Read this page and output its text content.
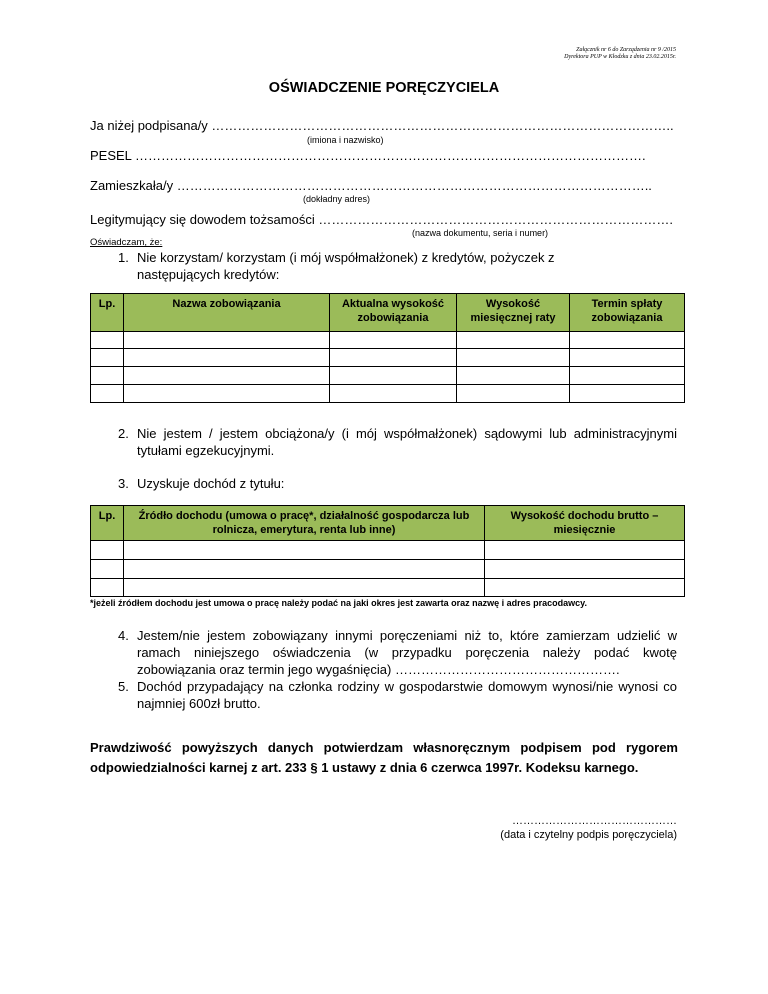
Załącznik nr 6 do Zarządzenia nr 9 /2015
Dyrektora PUP w Kłodzku z dnia 23.02.2015r.
OŚWIADCZENIE PORĘCZYCIELA
Ja niżej podpisana/y ……………………………………………………………………………………………..
(imiona i nazwisko)
PESEL ……………………………………………………………………………………………………….
Zamieszkała/y ………………………………………………………………………………………………..
(dokładny adres)
Legitymujący się dowodem tożsamości ……………………………………………………………………….
(nazwa dokumentu, seria i numer)
Oświadczam, że:
1. Nie korzystam/ korzystam (i mój współmałżonek) z kredytów, pożyczek z
następujących kredytów:
Lp.	Nazwa zobowiązania	Aktualna wysokość zobowiązania	Wysokość miesięcznej raty	Termin spłaty zobowiązania

2. Nie jestem / jestem obciążona/y (i mój współmałżonek) sądowymi lub administracyjnymi tytułami egzekucyjnymi.
3. Uzyskuje dochód z tytułu:
Lp.	Źródło dochodu (umowa o pracę*, działalność gospodarcza lub rolnicza, emerytura, renta lub inne)	Wysokość dochodu brutto – miesięcznie

*jeżeli źródłem dochodu jest umowa o pracę należy podać na jaki okres jest zawarta oraz nazwę i adres pracodawcy.
4. Jestem/nie jestem zobowiązany innymi poręczeniami niż to, które zamierzam udzielić w ramach niniejszego oświadczenia (w przypadku poręczenia należy podać kwotę zobowiązania oraz termin jego wygaśnięcia) …………………………………………….
5. Dochód przypadający na członka rodziny w gospodarstwie domowym wynosi/nie wynosi co najmniej 600zł brutto.
Prawdziwość powyższych danych potwierdzam własnoręcznym podpisem pod rygorem odpowiedzialności karnej z art. 233 § 1 ustawy z dnia 6 czerwca 1997r. Kodeksu karnego.
………………………………………
(data i czytelny podpis poręczyciela)
